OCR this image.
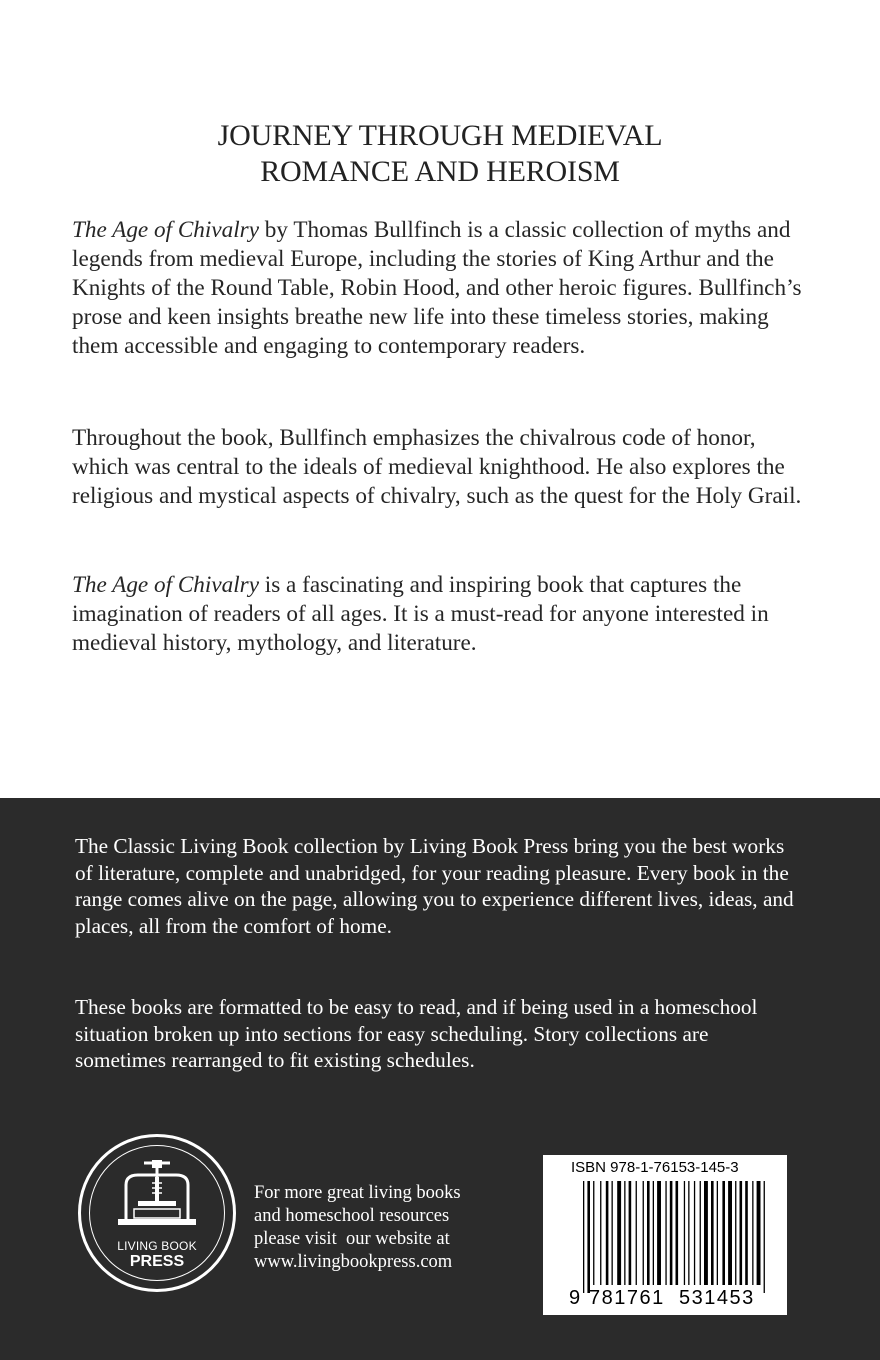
JOURNEY THROUGH MEDIEVAL
ROMANCE AND HEROISM

The Age of Chivalry by Thomas Bullfinch is a classic collection of myths and legends from medieval Europe, including the stories of King Arthur and the Knights of the Round Table, Robin Hood, and other heroic figures. Bullfinch’s prose and keen insights breathe new life into these timeless stories, making them accessible and engaging to contemporary readers.

Throughout the book, Bullfinch emphasizes the chivalrous code of honor, which was central to the ideals of medieval knighthood. He also explores the religious and mystical aspects of chivalry, such as the quest for the Holy Grail.

The Age of Chivalry is a fascinating and inspiring book that captures the imagination of readers of all ages. It is a must-read for anyone interested in medieval history, mythology, and literature.

The Classic Living Book collection by Living Book Press bring you the best works of literature, complete and unabridged, for your reading pleasure. Every book in the range comes alive on the page, allowing you to experience different lives, ideas, and places, all from the comfort of home.

These books are formatted to be easy to read, and if being used in a homeschool situation broken up into sections for easy scheduling. Story collections are sometimes rearranged to fit existing schedules.

LIVING BOOK
PRESS
For more great living books
and homeschool resources
please visit  our website at
www.livingbookpress.com
ISBN 978-1-76153-145-3
9 781761 531453
